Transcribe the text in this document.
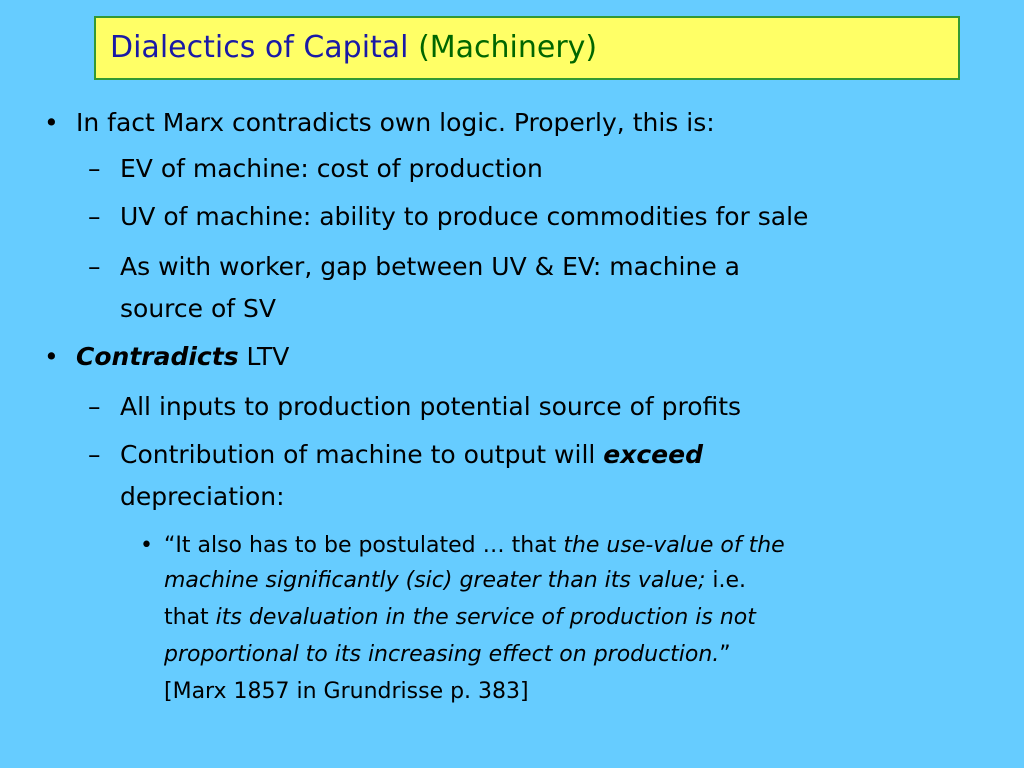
Dialectics of Capital (Machinery)
• In fact Marx contradicts own logic. Properly, this is:
– EV of machine: cost of production
– UV of machine: ability to produce commodities for sale
– As with worker, gap between UV & EV: machine a
source of SV
• Contradicts LTV
– All inputs to production potential source of profits
– Contribution of machine to output will exceed
depreciation:
• “It also has to be postulated … that the use-value of the
machine significantly (sic) greater than its value; i.e.
that its devaluation in the service of production is not
proportional to its increasing effect on production.”
[Marx 1857 in Grundrisse p. 383]
